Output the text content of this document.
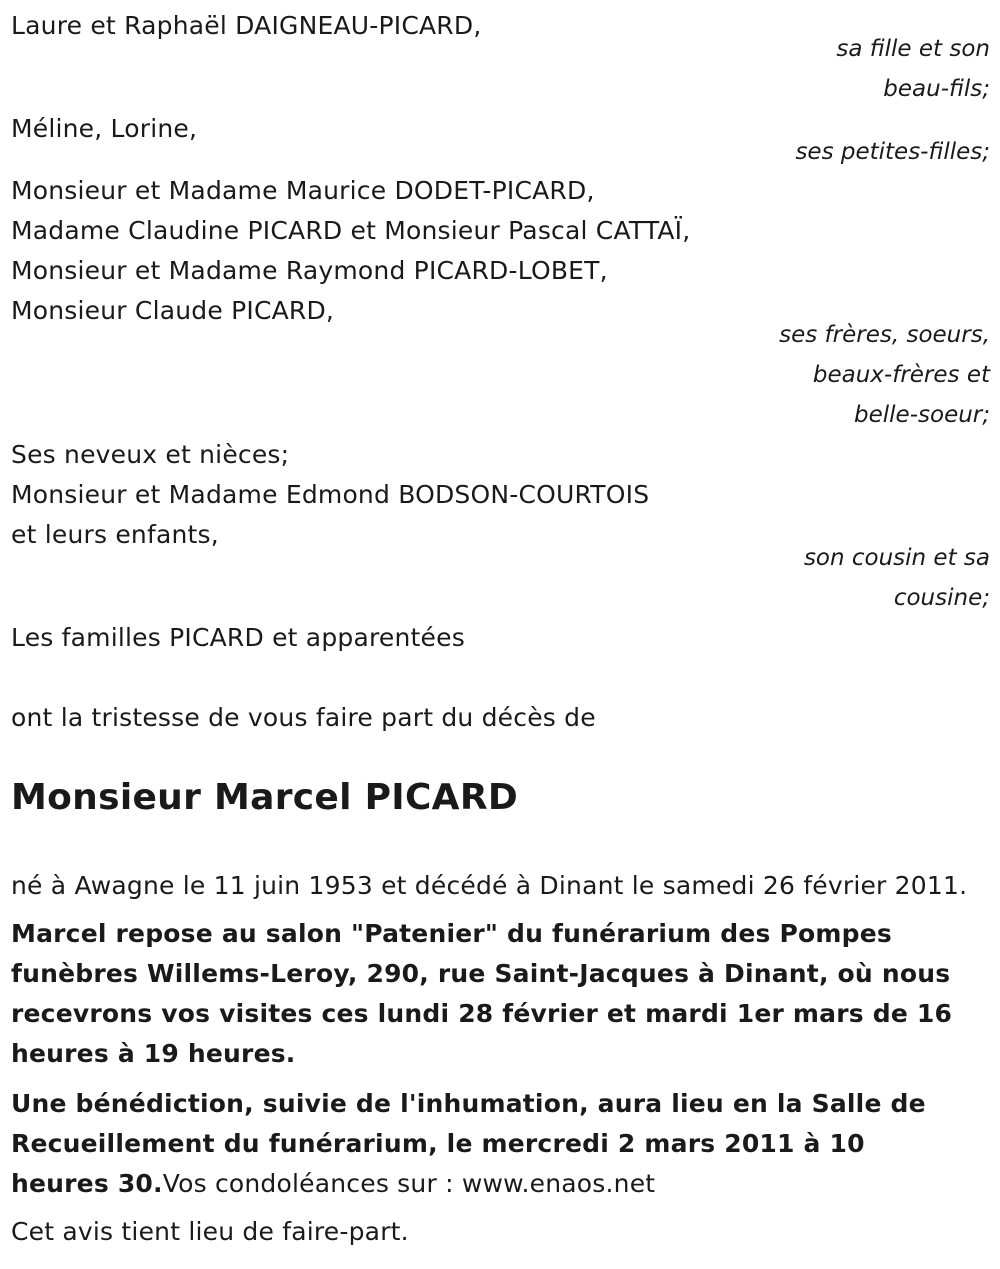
Laure et Raphaël DAIGNEAU-PICARD,
sa fille et son
beau-fils;
Méline, Lorine,
ses petites-filles;
Monsieur et Madame Maurice DODET-PICARD,
Madame Claudine PICARD et Monsieur Pascal CATTAÏ,
Monsieur et Madame Raymond PICARD-LOBET,
Monsieur Claude PICARD,
ses frères, soeurs,
beaux-frères et
belle-soeur;
Ses neveux et nièces;
Monsieur et Madame Edmond BODSON-COURTOIS
et leurs enfants,
son cousin et sa
cousine;
Les familles PICARD et apparentées
ont la tristesse de vous faire part du décès de
Monsieur Marcel PICARD
né à Awagne le 11 juin 1953 et décédé à Dinant le samedi 26 février 2011.
Marcel repose au salon "Patenier" du funérarium des Pompes funèbres Willems-Leroy, 290, rue Saint-Jacques à Dinant, où nous recevrons vos visites ces lundi 28 février et mardi 1er mars de 16 heures à 19 heures.
Une bénédiction, suivie de l'inhumation, aura lieu en la Salle de Recueillement du funérarium, le mercredi 2 mars 2011 à 10 heures 30.Vos condoléances sur : www.enaos.net
Cet avis tient lieu de faire-part.
